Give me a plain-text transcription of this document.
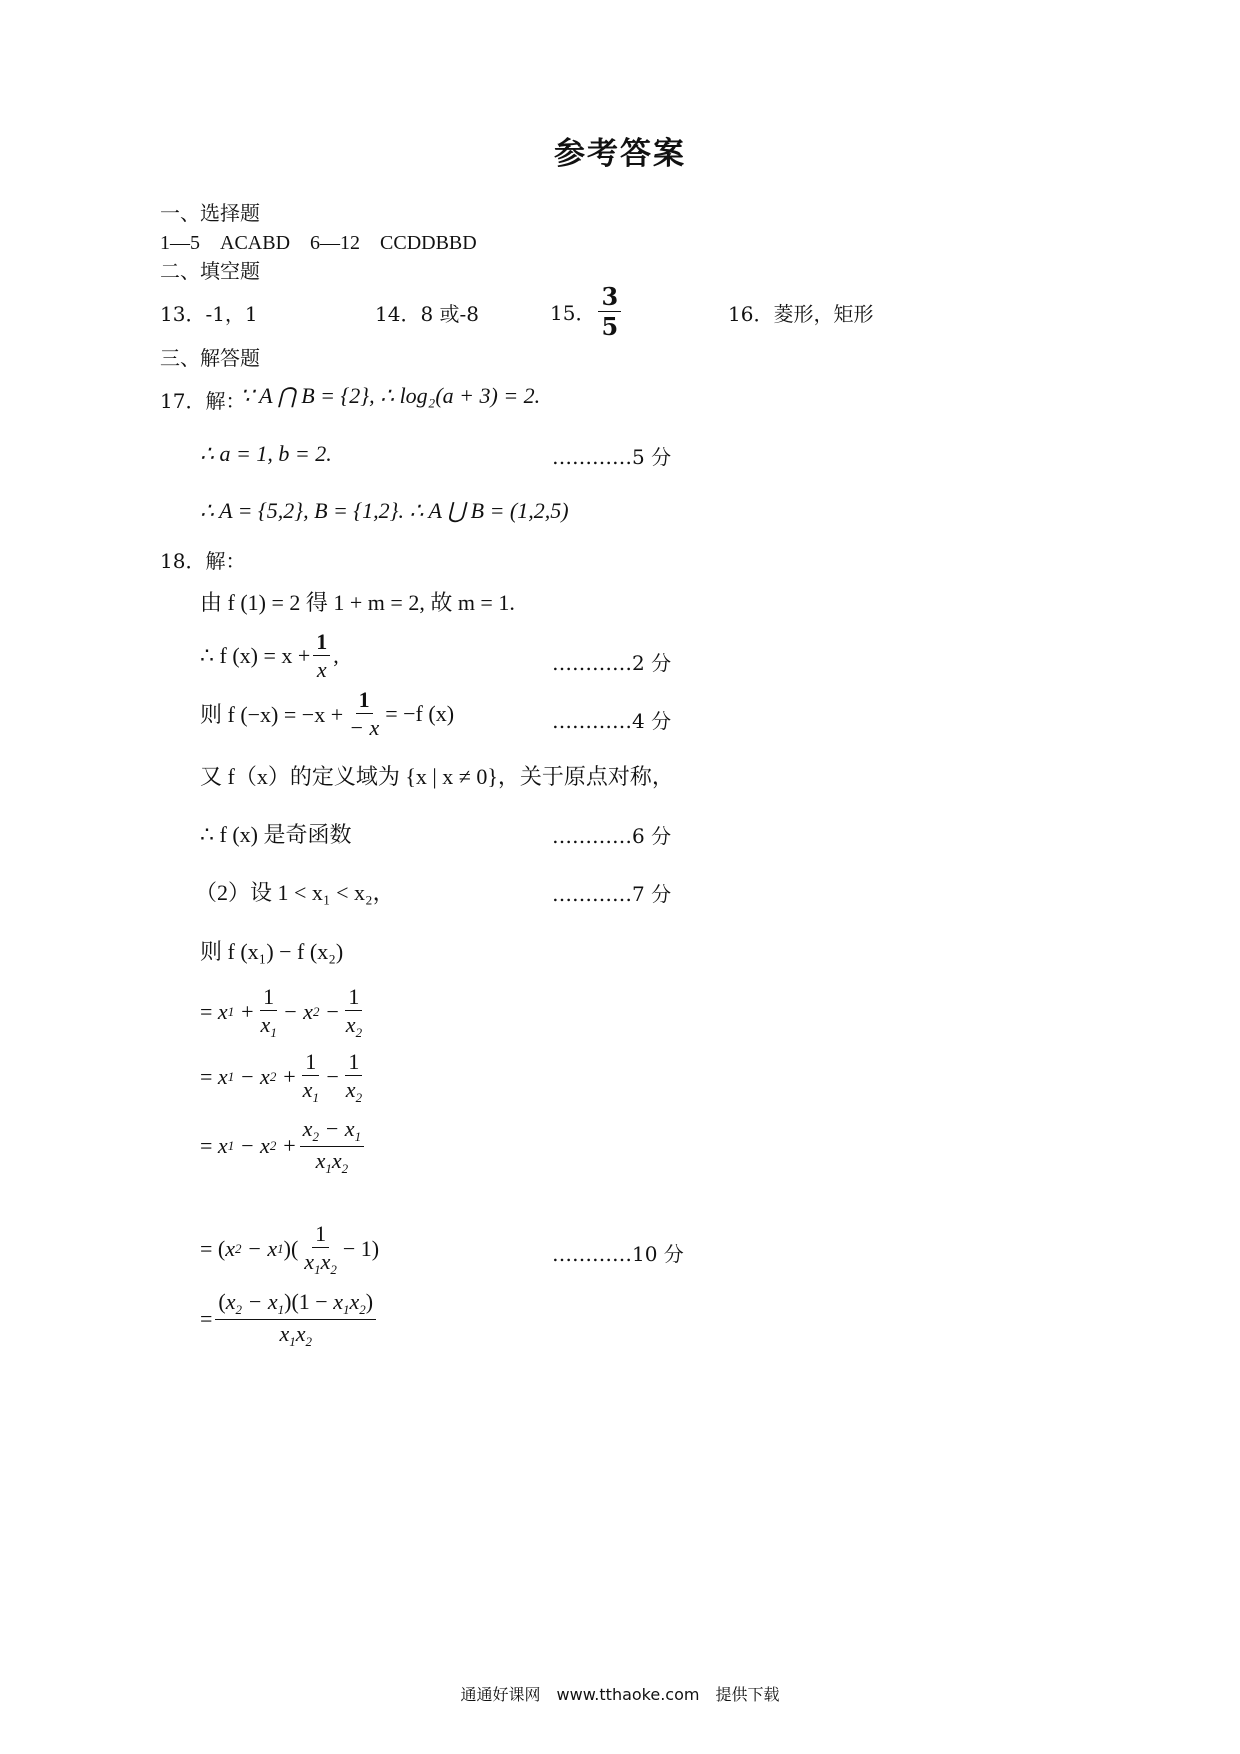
参考答案
一、选择题
1—5　ACABD　6—12　CCDDBBD
二、填空题
13．-1，1	14．8 或-8	15． $\frac{3}{5}$	16．菱形，矩形
三、解答题
17．解：
∵ A ⋂ B = {2}, ∴ log₂(a + 3) = 2.
∴ a = 1, b = 2.	…………5 分
∴ A = {5,2}, B = {1,2}. ∴ A ⋃ B = (1,2,5)
18．解：
由 f (1) = 2 得 1 + m = 2, 故 m = 1.
∴ f $(x) = x + \frac{1}{x}$ ,	…………2 分
则 f $(-x) = -x + \frac{1}{- x} = -f$ (x)	…………4 分
又 f（x）的定义域为 {x | x ≠ 0}，关于原点对称，
∴ f (x) 是奇函数	…………6 分
（2）设 1 < x₁ < x₂，	…………7 分
则 f (x₁) − f (x₂)
= x $1 + \frac{1}{x_1} - x$ $2 - \frac{1}{x_2}$
= x 1 − x $2 + \frac{1}{x_1} - \frac{1}{x_2}$
= x 1 − x $2 + \frac{x_2 - x_1}{x_1x_2}$
=
( x 2 − x 1 )( $\frac{1}{x_1x_2} - 1$)	…………10 分
= $\frac{(x_2 - x_1)(1 - x_1x_2)}{x_1x_2}$
通通好课网　www.tthaoke.com　提供下载
